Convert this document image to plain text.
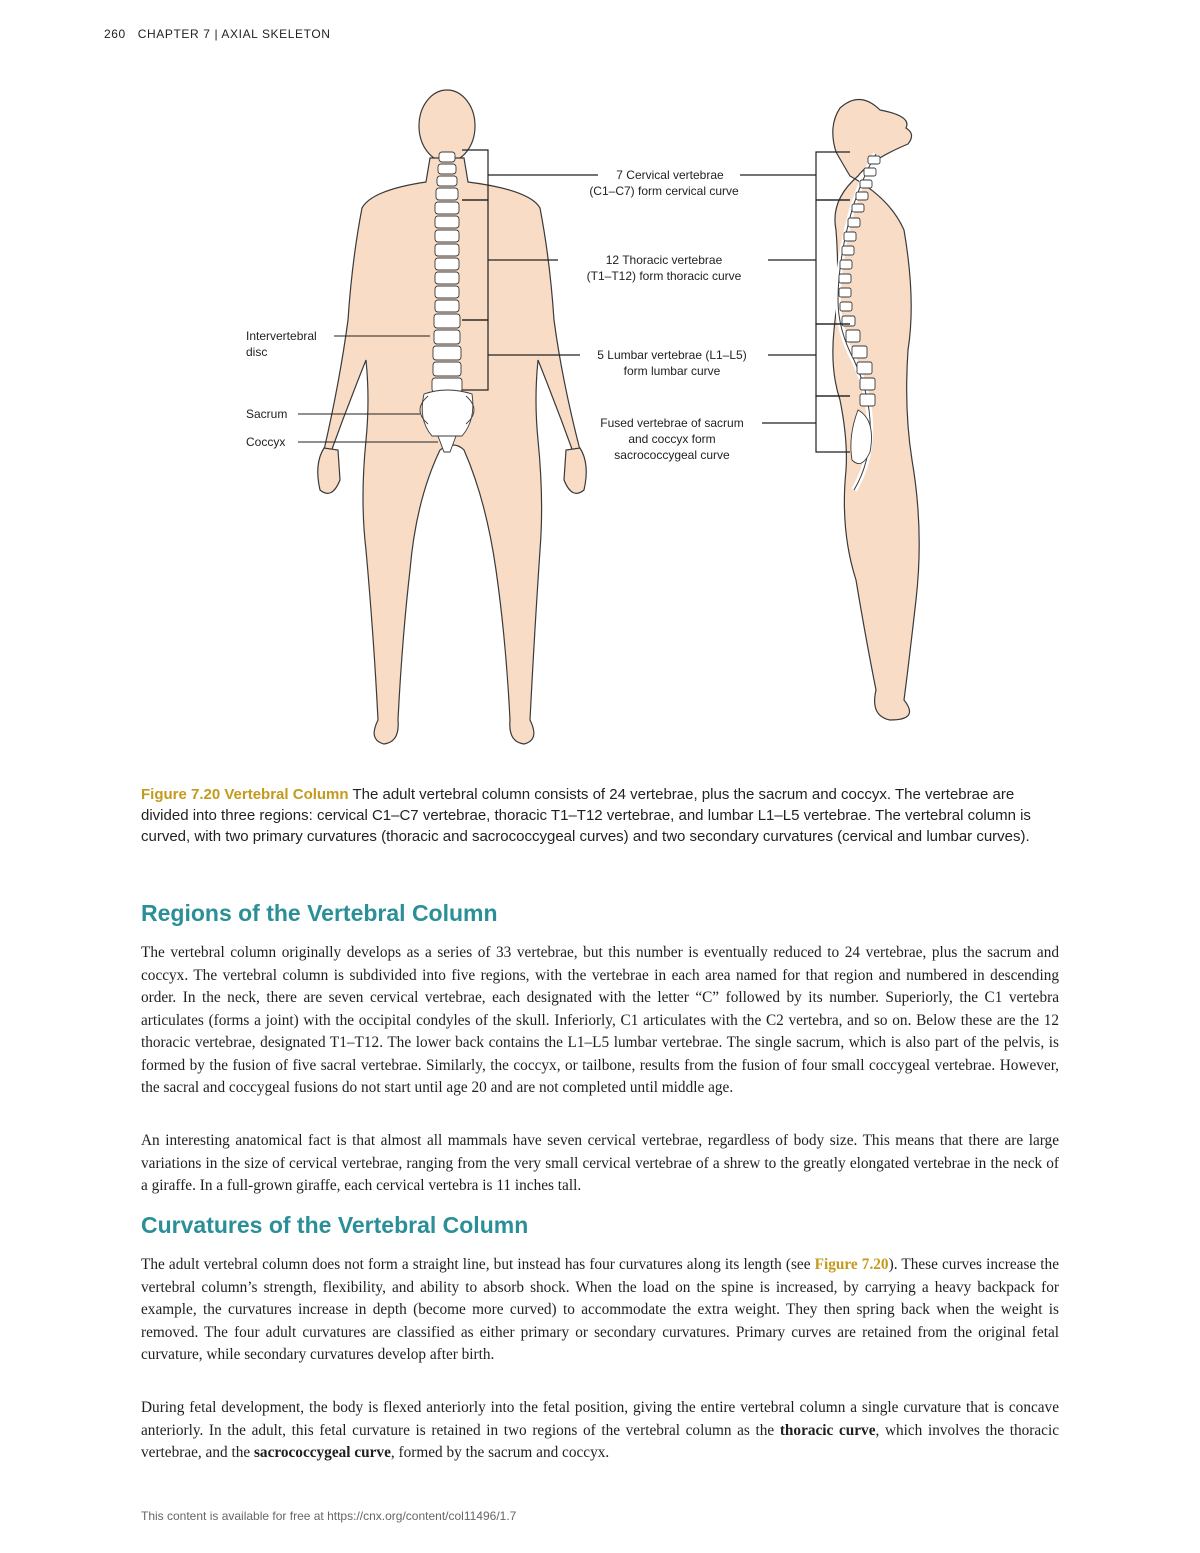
260 CHAPTER 7 | AXIAL SKELETON
Intervertebral
disc
Sacrum
Coccyx
7 Cervical vertebrae
(C1–C7) form cervical curve
12 Thoracic vertebrae
(T1–T12) form thoracic curve
5 Lumbar vertebrae (L1–L5)
form lumbar curve
Fused vertebrae of sacrum
and coccyx form
sacrococcygeal curve
Figure 7.20 Vertebral Column The adult vertebral column consists of 24 vertebrae, plus the sacrum and coccyx. The vertebrae are divided into three regions: cervical C1–C7 vertebrae, thoracic T1–T12 vertebrae, and lumbar L1–L5 vertebrae. The vertebral column is curved, with two primary curvatures (thoracic and sacrococcygeal curves) and two secondary curvatures (cervical and lumbar curves).
Regions of the Vertebral Column

The vertebral column originally develops as a series of 33 vertebrae, but this number is eventually reduced to 24 vertebrae, plus the sacrum and coccyx. The vertebral column is subdivided into five regions, with the vertebrae in each area named for that region and numbered in descending order. In the neck, there are seven cervical vertebrae, each designated with the letter “C” followed by its number. Superiorly, the C1 vertebra articulates (forms a joint) with the occipital condyles of the skull. Inferiorly, C1 articulates with the C2 vertebra, and so on. Below these are the 12 thoracic vertebrae, designated T1–T12. The lower back contains the L1–L5 lumbar vertebrae. The single sacrum, which is also part of the pelvis, is formed by the fusion of five sacral vertebrae. Similarly, the coccyx, or tailbone, results from the fusion of four small coccygeal vertebrae. However, the sacral and coccygeal fusions do not start until age 20 and are not completed until middle age.

An interesting anatomical fact is that almost all mammals have seven cervical vertebrae, regardless of body size. This means that there are large variations in the size of cervical vertebrae, ranging from the very small cervical vertebrae of a shrew to the greatly elongated vertebrae in the neck of a giraffe. In a full-grown giraffe, each cervical vertebra is 11 inches tall.

Curvatures of the Vertebral Column

The adult vertebral column does not form a straight line, but instead has four curvatures along its length (see Figure 7.20). These curves increase the vertebral column’s strength, flexibility, and ability to absorb shock. When the load on the spine is increased, by carrying a heavy backpack for example, the curvatures increase in depth (become more curved) to accommodate the extra weight. They then spring back when the weight is removed. The four adult curvatures are classified as either primary or secondary curvatures. Primary curves are retained from the original fetal curvature, while secondary curvatures develop after birth.

During fetal development, the body is flexed anteriorly into the fetal position, giving the entire vertebral column a single curvature that is concave anteriorly. In the adult, this fetal curvature is retained in two regions of the vertebral column as the thoracic curve, which involves the thoracic vertebrae, and the sacrococcygeal curve, formed by the sacrum and coccyx.

This content is available for free at https://cnx.org/content/col11496/1.7
